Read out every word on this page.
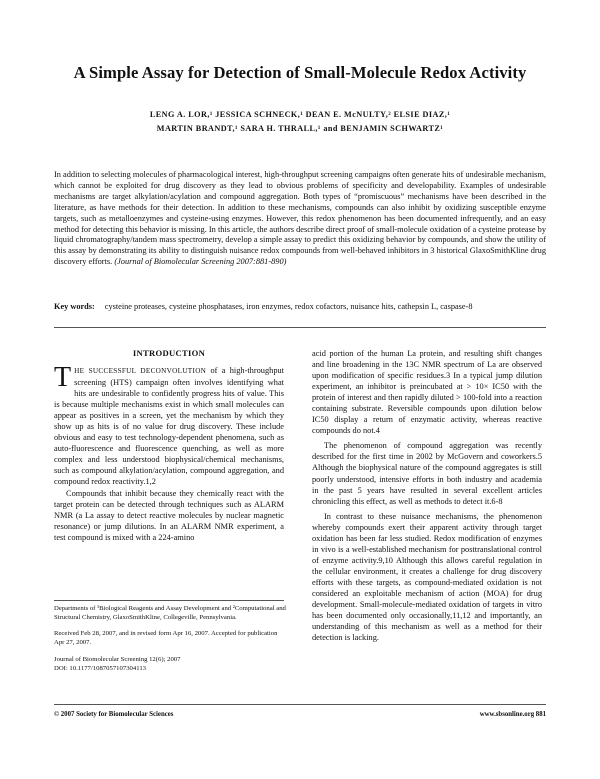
A Simple Assay for Detection of Small-Molecule Redox Activity
LENG A. LOR,¹ JESSICA SCHNECK,¹ DEAN E. McNULTY,² ELSIE DIAZ,¹
MARTIN BRANDT,¹ SARA H. THRALL,¹ and BENJAMIN SCHWARTZ¹
In addition to selecting molecules of pharmacological interest, high-throughput screening campaigns often generate hits of undesirable mechanism, which cannot be exploited for drug discovery as they lead to obvious problems of specificity and developability. Examples of undesirable mechanisms are target alkylation/acylation and compound aggregation. Both types of “promiscuous” mechanisms have been described in the literature, as have methods for their detection. In addition to these mechanisms, compounds can also inhibit by oxidizing susceptible enzyme targets, such as metalloenzymes and cysteine-using enzymes. However, this redox phenomenon has been documented infrequently, and an easy method for detecting this behavior is missing. In this article, the authors describe direct proof of small-molecule oxidation of a cysteine protease by liquid chromatography/tandem mass spectrometry, develop a simple assay to predict this oxidizing behavior by compounds, and show the utility of this assay by demonstrating its ability to distinguish nuisance redox compounds from well-behaved inhibitors in 3 historical GlaxoSmithKline drug discovery efforts. (Journal of Biomolecular Screening 2007:881-890)
Key words: cysteine proteases, cysteine phosphatases, iron enzymes, redox cofactors, nuisance hits, cathepsin L, caspase-8
INTRODUCTION

THE SUCCESSFUL DECONVOLUTION of a high-throughput screening (HTS) campaign often involves identifying what hits are undesirable to confidently progress hits of value. This is because multiple mechanisms exist in which small molecules can appear as positives in a screen, yet the mechanism by which they show up as hits is of no value for drug discovery. These include obvious and easy to test technology-dependent phenomena, such as auto-fluorescence and fluorescence quenching, as well as more complex and less understood biophysical/chemical mechanisms, such as compound alkylation/acylation, compound aggregation, and compound redox reactivity.1,2

Compounds that inhibit because they chemically react with the target protein can be detected through techniques such as ALARM NMR (a La assay to detect reactive molecules by nuclear magnetic resonance) or jump dilutions. In an ALARM NMR experiment, a test compound is mixed with a 224-amino

Departments of ¹Biological Reagents and Assay Development and ²Computational and Structural Chemistry, GlaxoSmithKline, Collegeville, Pennsylvania.
Received Feb 28, 2007, and in revised form Apr 16, 2007. Accepted for publication Apr 27, 2007.
Journal of Biomolecular Screening 12(6); 2007
DOI: 10.1177/1087057107304113

acid portion of the human La protein, and resulting shift changes and line broadening in the 13C NMR spectrum of La are observed upon modification of specific residues.3 In a typical jump dilution experiment, an inhibitor is preincubated at > 10× IC50 with the protein of interest and then rapidly diluted > 100-fold into a reaction containing substrate. Reversible compounds upon dilution below IC50 display a return of enzymatic activity, whereas reactive compounds do not.4

The phenomenon of compound aggregation was recently described for the first time in 2002 by McGovern and coworkers.5 Although the biophysical nature of the compound aggregates is still poorly understood, intensive efforts in both industry and academia in the past 5 years have resulted in several excellent articles chronicling this effect, as well as methods to detect it.6-8

In contrast to these nuisance mechanisms, the phenomenon whereby compounds exert their apparent activity through target oxidation has been far less studied. Redox modification of enzymes in vivo is a well-established mechanism for posttranslational control of enzyme activity.9,10 Although this allows careful regulation in the cellular environment, it creates a challenge for drug discovery efforts with these targets, as compound-mediated oxidation is not considered an exploitable mechanism of action (MOA) for drug development. Small-molecule-mediated oxidation of targets in vitro has been documented only occasionally,11,12 and importantly, an understanding of this mechanism as well as a method for their detection is lacking.

© 2007 Society for Biomolecular Sciences	www.sbsonline.org 881
